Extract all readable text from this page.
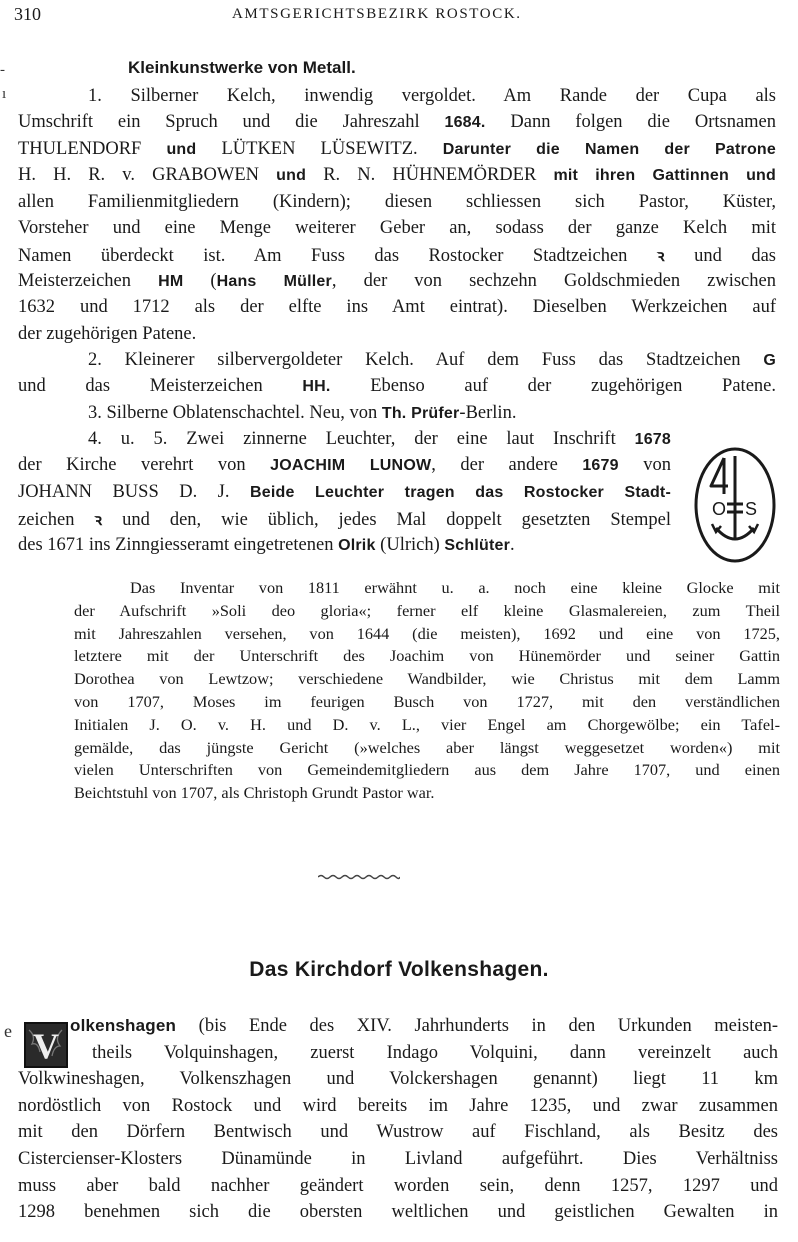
310	AMTSGERICHTSBEZIRK ROSTOCK.
-
ı
e
Kleinkunstwerke von Metall.
1. Silberner Kelch, inwendig vergoldet. Am Rande der Cupa als
Umschrift ein Spruch und die Jahreszahl 1684. Dann folgen die Ortsnamen
THULENDORF und LÜTKEN LÜSEWITZ. Darunter die Namen der Patrone
H. H. R. v. GRABOWEN und R. N. HÜHNEMÖRDER mit ihren Gattinnen und
allen Familienmitgliedern (Kindern); diesen schliessen sich Pastor, Küster,
Vorsteher und eine Menge weiterer Geber an, sodass der ganze Kelch mit
Namen überdeckt ist. Am Fuss das Rostocker Stadtzeichen ꝛ und das
Meisterzeichen HM (Hans Müller, der von sechzehn Goldschmieden zwischen
1632 und 1712 als der elfte ins Amt eintrat). Dieselben Werkzeichen auf
der zugehörigen Patene.
2. Kleinerer silbervergoldeter Kelch. Auf dem Fuss das Stadtzeichen G
und das Meisterzeichen HH. Ebenso auf der zugehörigen Patene.
3. Silberne Oblatenschachtel. Neu, von Th. Prüfer-Berlin.
4. u. 5. Zwei zinnerne Leuchter, der eine laut Inschrift 1678
der Kirche verehrt von JOACHIM LUNOW, der andere 1679 von
JOHANN BUSS D. J. Beide Leuchter tragen das Rostocker Stadt-
zeichen ꝛ und den, wie üblich, jedes Mal doppelt gesetzten Stempel
des 1671 ins Zinngiesseramt eingetretenen Olrik (Ulrich) Schlüter.
O S
Das Inventar von 1811 erwähnt u. a. noch eine kleine Glocke mit
der Aufschrift »Soli deo gloria«; ferner elf kleine Glasmalereien, zum Theil
mit Jahreszahlen versehen, von 1644 (die meisten), 1692 und eine von 1725,
letztere mit der Unterschrift des Joachim von Hünemörder und seiner Gattin
Dorothea von Lewtzow; verschiedene Wandbilder, wie Christus mit dem Lamm
von 1707, Moses im feurigen Busch von 1727, mit den verständlichen
Initialen J. O. v. H. und D. v. L., vier Engel am Chorgewölbe; ein Tafel-
gemälde, das jüngste Gericht (»welches aber längst weggesetzet worden«) mit
vielen Unterschriften von Gemeindemitgliedern aus dem Jahre 1707, und einen
Beichtstuhl von 1707, als Christoph Grundt Pastor war.
Das Kirchdorf Volkenshagen.
V
olkenshagen (bis Ende des XIV. Jahrhunderts in den Urkunden meisten-
theils Volquinshagen, zuerst Indago Volquini, dann vereinzelt auch
Volkwineshagen, Volkenszhagen und Volckershagen genannt) liegt 11 km
nordöstlich von Rostock und wird bereits im Jahre 1235, und zwar zusammen
mit den Dörfern Bentwisch und Wustrow auf Fischland, als Besitz des
Cistercienser-Klosters Dünamünde in Livland aufgeführt. Dies Verhältniss
muss aber bald nachher geändert worden sein, denn 1257, 1297 und
1298 benehmen sich die obersten weltlichen und geistlichen Gewalten in
